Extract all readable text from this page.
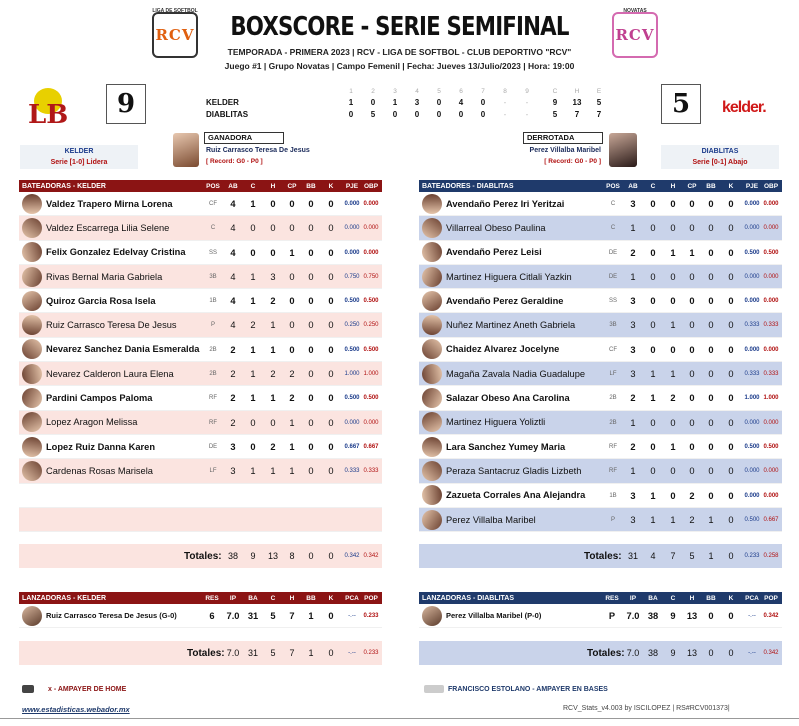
LIGA DE SOFTBOL
RCV
NOVATAS
RCV
BOXSCORE - SERIE SEMIFINAL
TEMPORADA - PRIMERA 2023 | RCV - LIGA DE SOFTBOL - CLUB DEPORTIVO "RCV"
Juego #1 | Grupo Novatas | Campo Femenil | Fecha: Jueves 13/Julio/2023 | Hora: 19:00
LB	9	5	kelder.
1	2	3	4	5	6	7	8	9	C	H	E
KELDER	1	0	1	3	0	4	0	-	-	9	13	5
DIABLITAS	0	5	0	0	0	0	0	-	-	5	7	7
KELDER
Serie [1-0] Lidera
DIABLITAS
Serie [0-1] Abajo
GANADORA
Ruiz Carrasco Teresa De Jesus
[ Record: G0 - P0 ]
DERROTADA
Perez Villalba Maribel
[ Record: G0 - P0 ]
BATEADORAS - KELDER	POS	AB	C	H	CP	BB	K	PJE OBP
Valdez Trapero Mirna Lorena	CF	4	1	0	0	0	0	0.000 0.000
Valdez Escarrega Lilia Selene	C	4	0	0	0	0	0	0.000 0.000
Felix Gonzalez Edelvay Cristina	SS	4	0	0	1	0	0	0.000 0.000
Rivas Bernal Maria Gabriela	3B	4	1	3	0	0	0	0.750 0.750
Quiroz Garcia Rosa Isela	1B	4	1	2	0	0	0	0.500 0.500
Ruiz Carrasco Teresa De Jesus	P	4	2	1	0	0	0	0.250 0.250
Nevarez Sanchez Dania Esmeralda	2B	2	1	1	0	0	0	0.500 0.500
Nevarez Calderon Laura Elena	2B	2	1	2	2	0	0	1.000 1.000
Pardini Campos Paloma	RF	2	1	1	2	0	0	0.500 0.500
Lopez Aragon Melissa	RF	2	0	0	1	0	0	0.000 0.000
Lopez Ruiz Danna Karen	DE	3	0	2	1	0	0	0.667 0.667
Cardenas Rosas Marisela	LF	3	1	1	1	0	0	0.333 0.333
Totales: 38	9	13	8	0	0	0.342 0.342
BATEADORES - DIABLITAS	POS	AB	C	H	CP	BB	K	PJE OBP
Avendaño Perez Iri Yeritzai	C	3	0	0	0	0	0	0.000 0.000
Villarreal Obeso Paulina	C	1	0	0	0	0	0	0.000 0.000
Avendaño Perez Leisi	DE	2	0	1	1	0	0	0.500 0.500
Martinez Higuera Citlali Yazkin	DE	1	0	0	0	0	0	0.000 0.000
Avendaño Perez Geraldine	SS	3	0	0	0	0	0	0.000 0.000
Nuñez Martinez Aneth Gabriela	3B	3	0	1	0	0	0	0.333 0.333
Chaidez Alvarez Jocelyne	CF	3	0	0	0	0	0	0.000 0.000
Magaña Zavala Nadia Guadalupe	LF	3	1	1	0	0	0	0.333 0.333
Salazar Obeso Ana Carolina	2B	2	1	2	0	0	0	1.000 1.000
Martinez Higuera Yoliztli	2B	1	0	0	0	0	0	0.000 0.000
Lara Sanchez Yumey Maria	RF	2	0	1	0	0	0	0.500 0.500
Peraza Santacruz Gladis Lizbeth	RF	1	0	0	0	0	0	0.000 0.000
Zazueta Corrales Ana Alejandra	1B	3	1	0	2	0	0	0.000 0.000
Perez Villalba Maribel	P	3	1	1	2	1	0	0.500 0.667
Totales: 31	4	7	5	1	0	0.233 0.258
LANZADORAS - KELDER	RES	IP	BA	C	H	BB	K	PCA POP
Ruiz Carrasco Teresa De Jesus (G-0)	6	7.0 31	5	7	1	0	-.--	0.233
Totales: 7.0 31	5	7	1	0	-.--	0.233
LANZADORAS - DIABLITAS	RES	IP	BA	C	H	BB	K	PCA POP
Perez Villalba Maribel (P-0)	P	7.0 38	9	13	0	0	-.--	0.342
Totales: 7.0 38	9	13	0	0	-.--	0.342
x - AMPAYER DE HOME	FRANCISCO ESTOLANO - AMPAYER EN BASES
www.estadisticas.webador.mx	RCV_Stats_v4.003 by ISCILOPEZ | RS#RCV001373|
